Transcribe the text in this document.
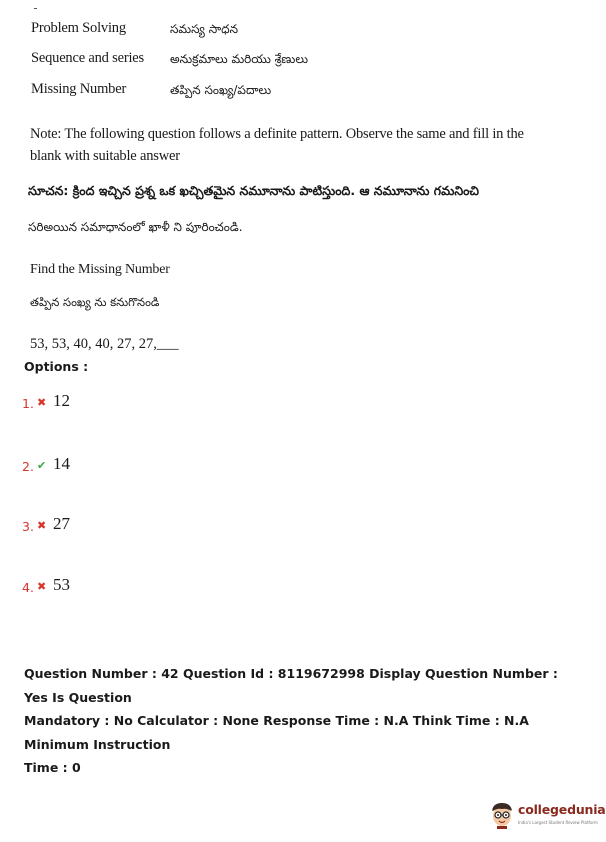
Problem Solving	సమస్య సాధన
Sequence and series అనుక్రమాలు మరియు శ్రేణులు
Missing Number	తప్పిన సంఖ్య/పదాలు
Note: The following question follows a definite pattern. Observe the same and fill in the
blank with suitable answer
సూచన: క్రింద ఇచ్చిన ప్రశ్న ఒక ఖచ్చితమైన నమూనాను పాటిస్తుంది. ఆ నమూనాను గమనించి
సరిఅయిన సమాధానంలో ఖాళీ ని పూరించండి.
Find the Missing Number
తప్పిన సంఖ్య ను కనుగొనండి
53, 53, 40, 40, 27, 27,___
Options :
1. ✖ 12
2. ✔ 14
3. ✖ 27
4. ✖ 53
Question Number : 42 Question Id : 8119672998 Display Question Number : Yes Is Question
Mandatory : No Calculator : None Response Time : N.A Think Time : N.A Minimum Instruction
Time : 0
collegedunia
India's Largest Student Review Platform
